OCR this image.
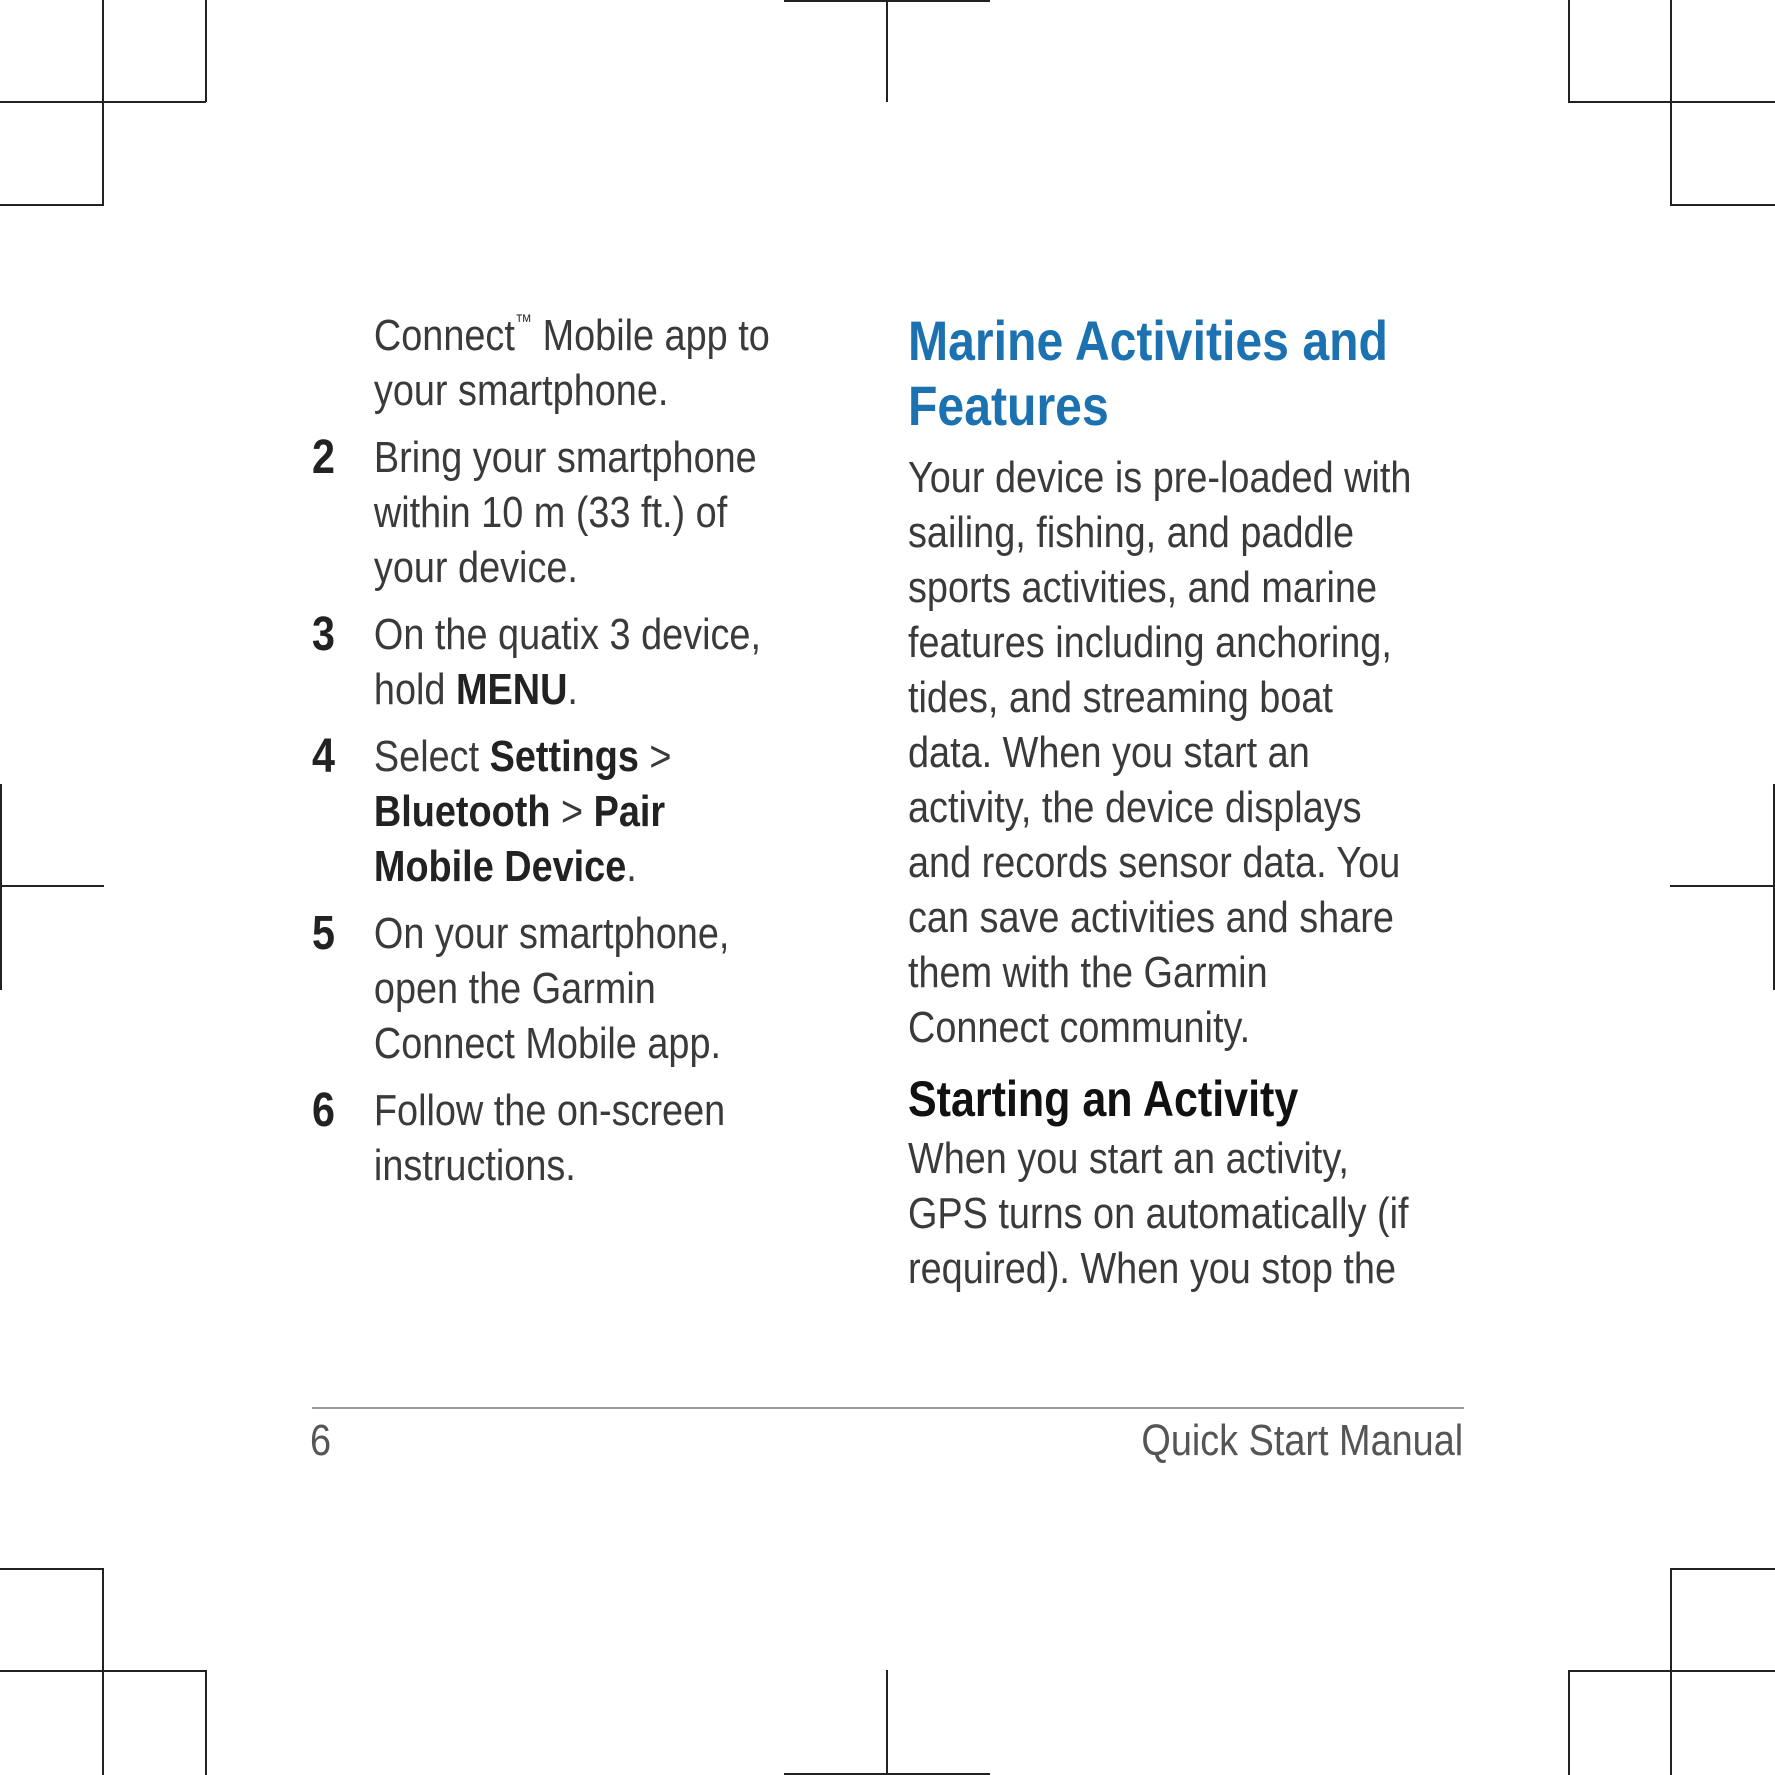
Connect™ Mobile app to your smartphone.
2 Bring your smartphone within 10 m (33 ft.) of your device.
3 On the quatix 3 device, hold MENU.
4 Select Settings > Bluetooth > Pair Mobile Device.
5 On your smartphone, open the Garmin Connect Mobile app.
6 Follow the on-screen instructions.
Marine Activities and Features

Your device is pre-loaded with sailing, fishing, and paddle sports activities, and marine features including anchoring, tides, and streaming boat data. When you start an activity, the device displays and records sensor data. You can save activities and share them with the Garmin Connect community.

Starting an Activity

When you start an activity, GPS turns on automatically (if required). When you stop the

6	Quick Start Manual
